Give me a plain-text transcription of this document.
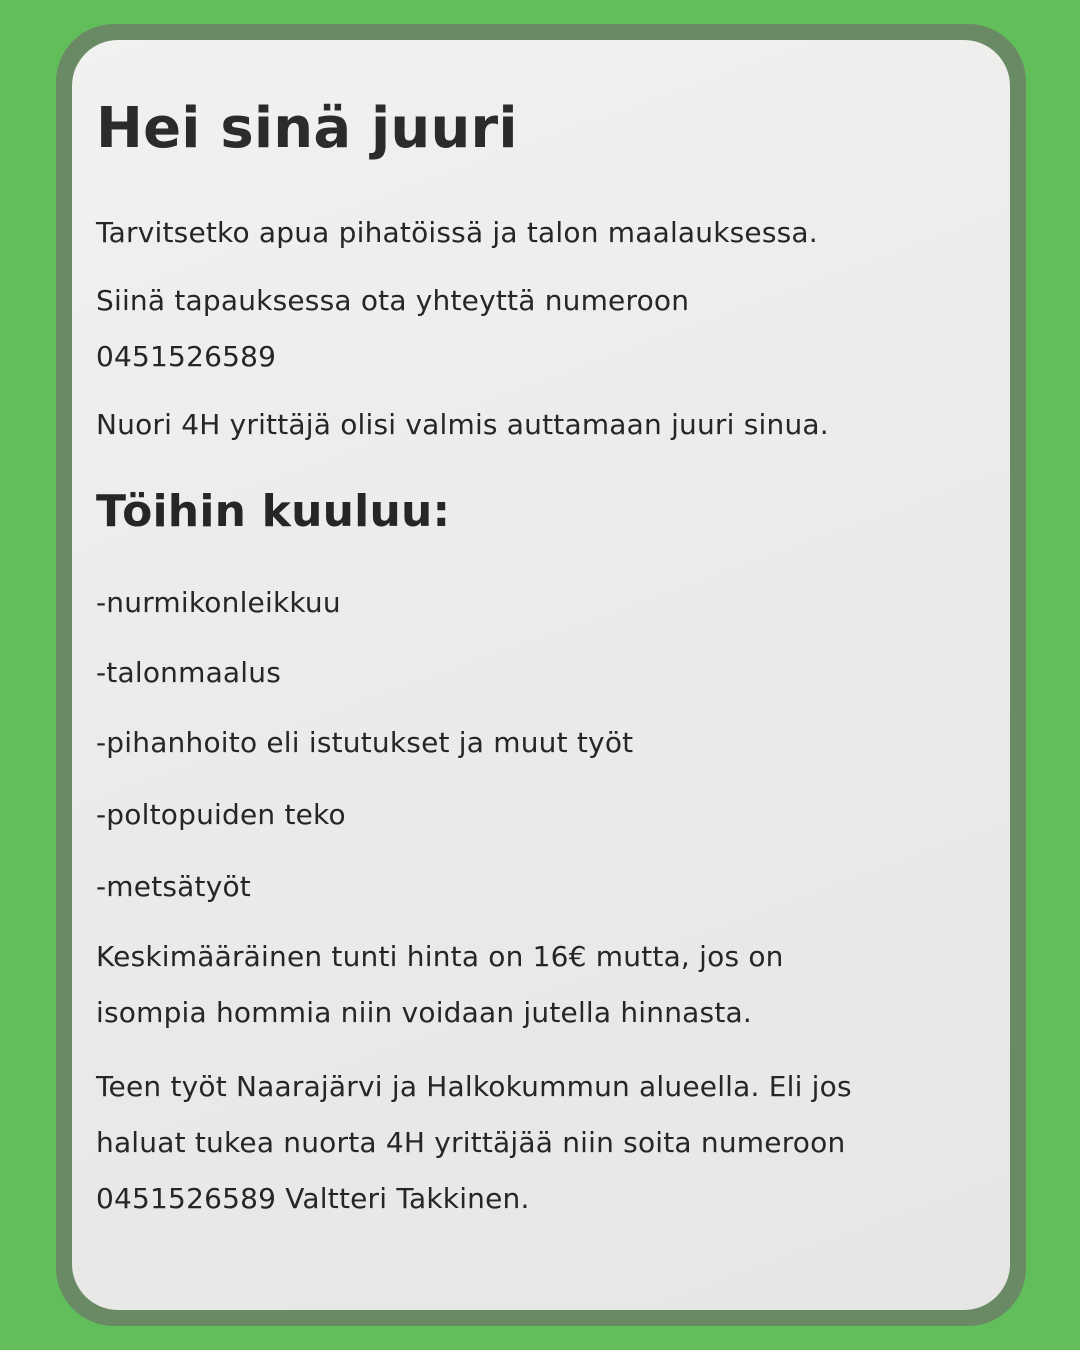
Hei sinä juuri

Tarvitsetko apua pihatöissä ja talon maalauksessa.

Siinä tapauksessa ota yhteyttä numeroon

0451526589

Nuori 4H yrittäjä olisi valmis auttamaan juuri sinua.

Töihin kuuluu:

-nurmikonleikkuu

-talonmaalus

-pihanhoito eli istutukset ja muut työt

-poltopuiden teko

-metsätyöt

Keskimääräinen tunti hinta on 16€ mutta, jos on

isompia hommia niin voidaan jutella hinnasta.

Teen työt Naarajärvi ja Halkokummun alueella. Eli jos

haluat tukea nuorta 4H yrittäjää niin soita numeroon

0451526589 Valtteri Takkinen.
